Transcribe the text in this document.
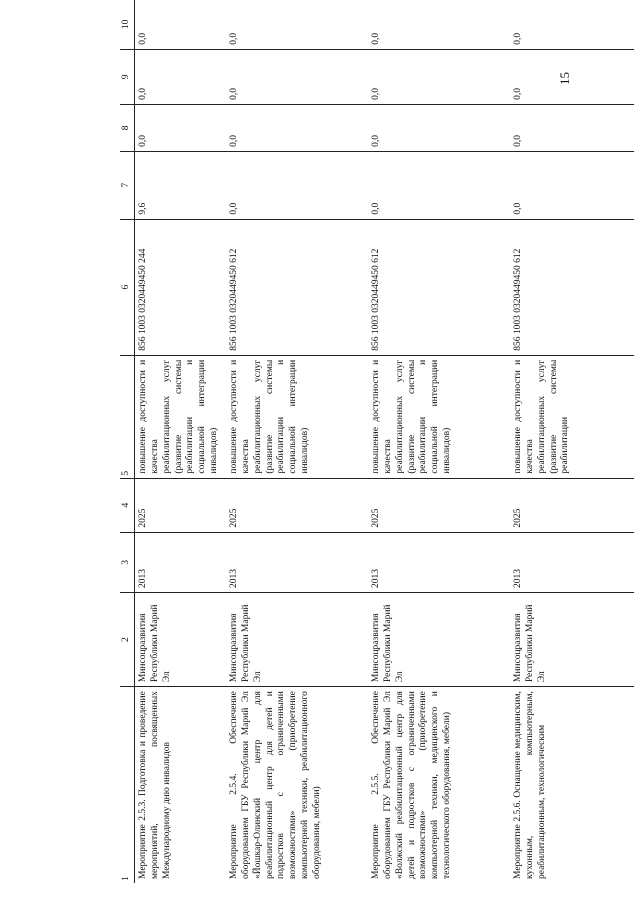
15
1	2	3	4	5	6	7	8	9	10
Мероприятие 2.5.3. Подготовка и проведение мероприятий, посвященных Международному дню инвалидов	Минсоцразвития Республики Марий Эл	2013	2025	повышение доступности и качества реабилитационных услуг (развитие системы реабилитации и социальной интеграции инвалидов)	856 1003 0320449450 244	9,6	0,0	0,0	0,0
Мероприятие 2.5.4. Обеспечение оборудованием ГБУ Республики Марий Эл «Йошкар-Олинский центр для реабилитационный центр для детей и подростков с ограниченными возможностями» (приобретение компьютерной техники, реабилитационного оборудования, мебели)	Минсоцразвития Республики Марий Эл	2013	2025	повышение доступности и качества реабилитационных услуг (развитие системы реабилитации и социальной интеграции инвалидов)	856 1003 0320449450 612	0,0	0,0	0,0	0,0
Мероприятие 2.5.5. Обеспечение оборудованием ГБУ Республики Марий Эл «Волжский реабилитационный центр для детей и подростков с ограниченными возможностями» (приобретение компьютерной техники, медицинского и технологического оборудования, мебели)	Минсоцразвития Республики Марий Эл	2013	2025	повышение доступности и качества реабилитационных услуг (развитие системы реабилитации и социальной интеграции инвалидов)	856 1003 0320449450 612	0,0	0,0	0,0	0,0
Мероприятие 2.5.6. Оснащение медицинским, кухонным, компьютерным, реабилитационным, технологическим	Минсоцразвития Республики Марий Эл	2013	2025	повышение доступности и качества реабилитационных услуг (развитие системы реабилитации	856 1003 0320449450 612	0,0	0,0	0,0	0,0
